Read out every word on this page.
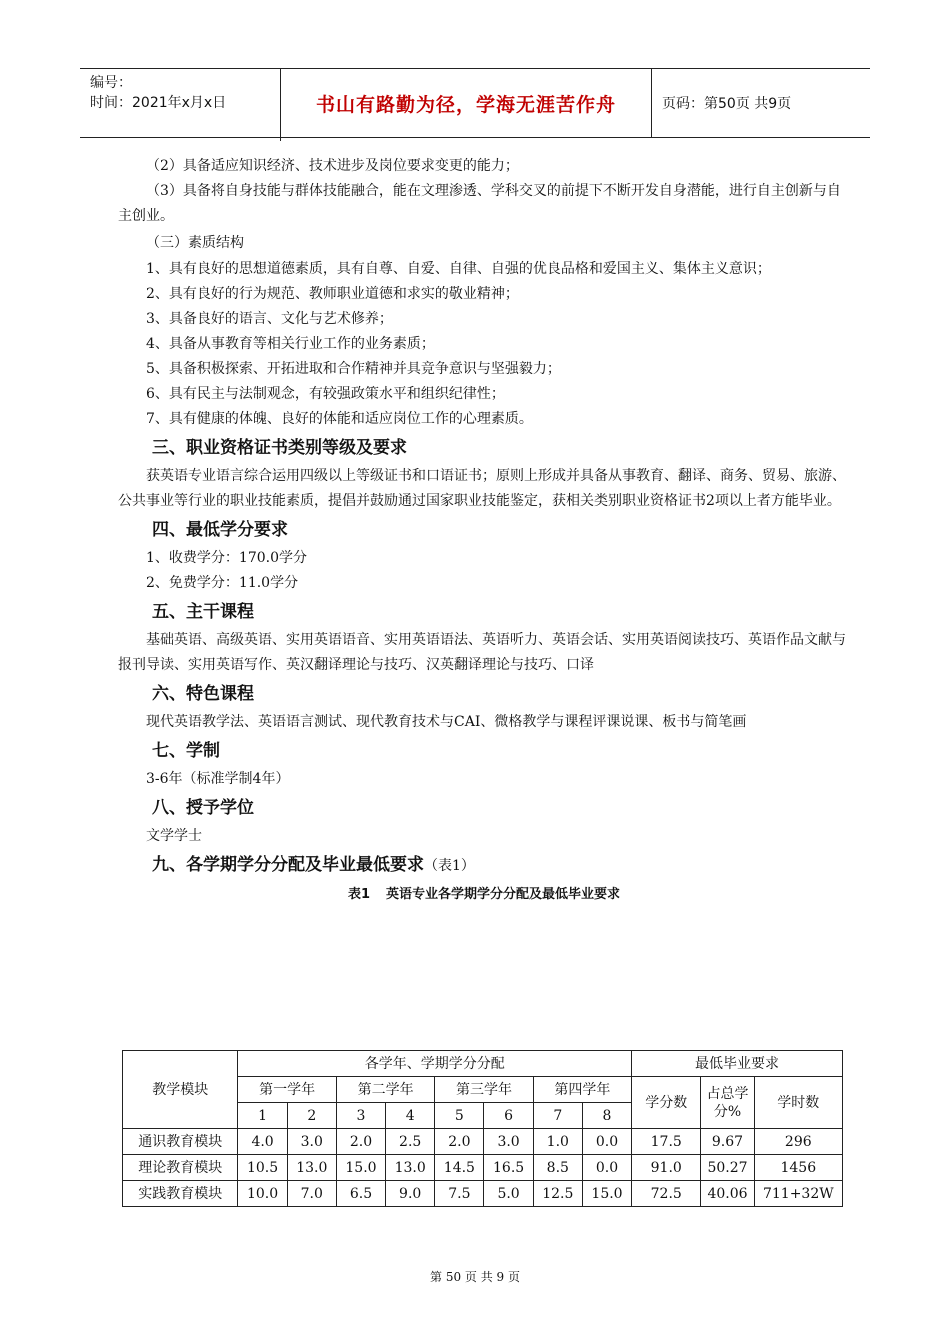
编号：
时间：2021年x月x日	书山有路勤为径，学海无涯苦作舟	页码：第50页 共9页

（2）具备适应知识经济、技术进步及岗位要求变更的能力；

（3）具备将自身技能与群体技能融合，能在文理渗透、学科交叉的前提下不断开发自身潜能，进行自主创新与自主创业。

（三）素质结构

1、具有良好的思想道德素质，具有自尊、自爱、自律、自强的优良品格和爱国主义、集体主义意识；

2、具有良好的行为规范、教师职业道德和求实的敬业精神；

3、具备良好的语言、文化与艺术修养；

4、具备从事教育等相关行业工作的业务素质；

5、具备积极探索、开拓进取和合作精神并具竞争意识与坚强毅力；

6、具有民主与法制观念，有较强政策水平和组织纪律性；

7、具有健康的体魄、良好的体能和适应岗位工作的心理素质。

三、职业资格证书类别等级及要求

获英语专业语言综合运用四级以上等级证书和口语证书；原则上形成并具备从事教育、翻译、商务、贸易、旅游、公共事业等行业的职业技能素质，提倡并鼓励通过国家职业技能鉴定，获相关类别职业资格证书2项以上者方能毕业。

四、最低学分要求

1、收费学分：170.0学分

2、免费学分：11.0学分

五、主干课程

基础英语、高级英语、实用英语语音、实用英语语法、英语听力、英语会话、实用英语阅读技巧、英语作品文献与报刊导读、实用英语写作、英汉翻译理论与技巧、汉英翻译理论与技巧、口译

六、特色课程

现代英语教学法、英语语言测试、现代教育技术与CAI、微格教学与课程评课说课、板书与简笔画

七、学制

3-6年（标准学制4年）

八、授予学位

文学学士

九、各学期学分分配及毕业最低要求（表1）
表1 英语专业各学期学分分配及最低毕业要求
教学模块	各学年、学期学分分配								最低毕业要求		
	第一学年		第二学年		第三学年		第四学年		学分数	占总学分%	学时数
	1	2	3	4	5	6	7	8			
通识教育模块	4.0	3.0	2.0	2.5	2.0	3.0	1.0	0.0	17.5	9.67	296
理论教育模块	10.5	13.0	15.0	13.0	14.5	16.5	8.5	0.0	91.0	50.27	1456
实践教育模块	10.0	7.0	6.5	9.0	7.5	5.0	12.5	15.0	72.5	40.06	711+32W
第 50 页 共 9 页
